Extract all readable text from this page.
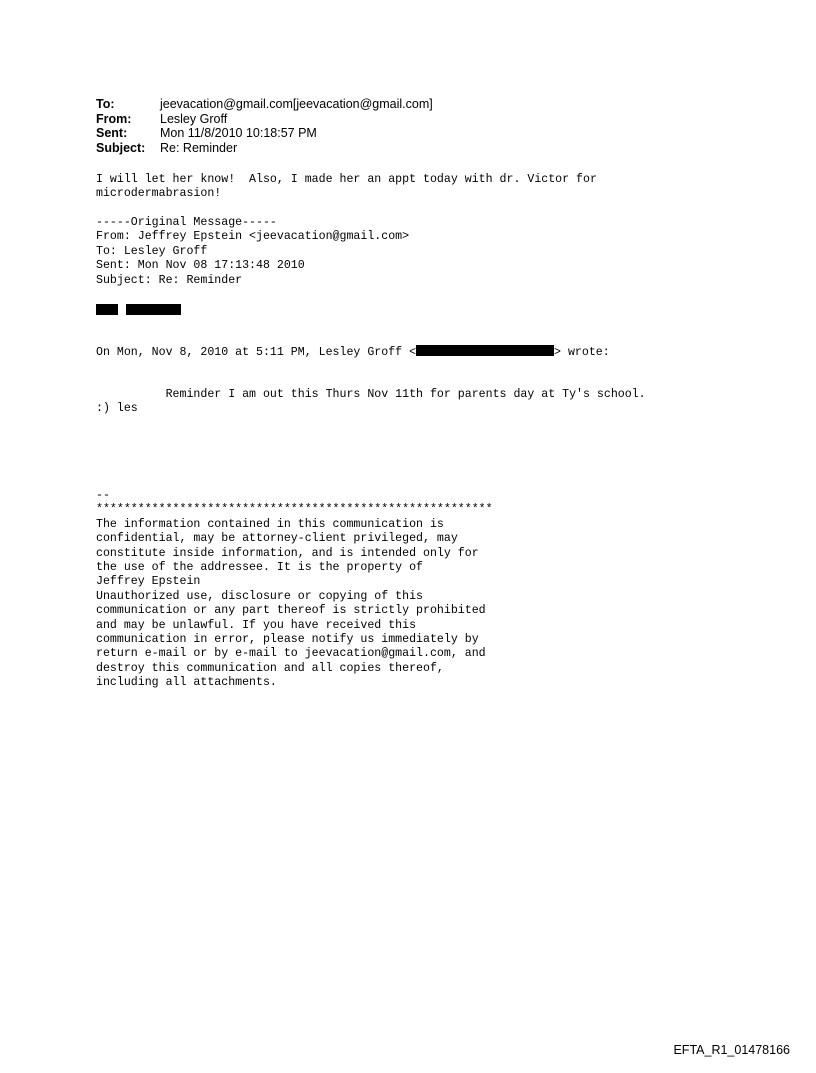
To:	jeevacation@gmail.com[jeevacation@gmail.com]
From:	Lesley Groff
Sent:	Mon 11/8/2010 10:18:57 PM
Subject:	Re: Reminder
I will let her know!  Also, I made her an appt today with dr. Victor for
microdermabrasion!
-----Original Message-----
From: Jeffrey Epstein <jeevacation@gmail.com>
To: Lesley Groff
Sent: Mon Nov 08 17:13:48 2010
Subject: Re: Reminder
On Mon, Nov 8, 2010 at 5:11 PM, Lesley Groff <	> wrote:
Reminder I am out this Thurs Nov 11th for parents day at Ty's school.
:) les
--
*********************************************************
The information contained in this communication is
confidential, may be attorney-client privileged, may
constitute inside information, and is intended only for
the use of the addressee. It is the property of
Jeffrey Epstein
Unauthorized use, disclosure or copying of this
communication or any part thereof is strictly prohibited
and may be unlawful. If you have received this
communication in error, please notify us immediately by
return e-mail or by e-mail to jeevacation@gmail.com, and
destroy this communication and all copies thereof,
including all attachments.
EFTA_R1_01478166
